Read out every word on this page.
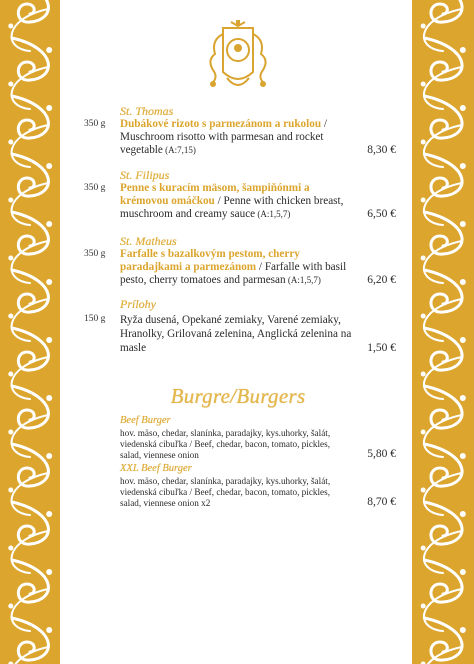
St. Thomas
350 g Dubákové rizoto s parmezánom a rukolou / Muschroom risotto with parmesan and rocket vegetable (A:7,15)	8,30 €
St. Filipus
350 g Penne s kuracím mäsom, šampiňónmi a krémovou omáčkou / Penne with chicken breast, muschroom and creamy sauce (A:1,5,7)	6,50 €
St. Matheus
350 g Farfalle s bazalkovým pestom, cherry paradajkami a parmezánom / Farfalle with basil pesto, cherry tomatoes and parmesan (A:1,5,7)	6,20 €
Prílohy
150 g Ryža dusená, Opekané zemiaky, Varené zemiaky, Hranolky, Grilovaná zelenina, Anglická zelenina na masle	1,50 €
Burgre/Burgers
Beef Burger
hov. mäso, chedar, slanínka, paradajky, kys.uhorky, šalát, viedenská cibuľka / Beef, chedar, bacon, tomato, pickles, salad, viennese onion	5,80 €
XXL Beef Burger
hov. mäso, chedar, slanínka, paradajky, kys.uhorky, šalát, viedenská cibuľka / Beef, chedar, bacon, tomato, pickles, salad, viennese onion x2	8,70 €
